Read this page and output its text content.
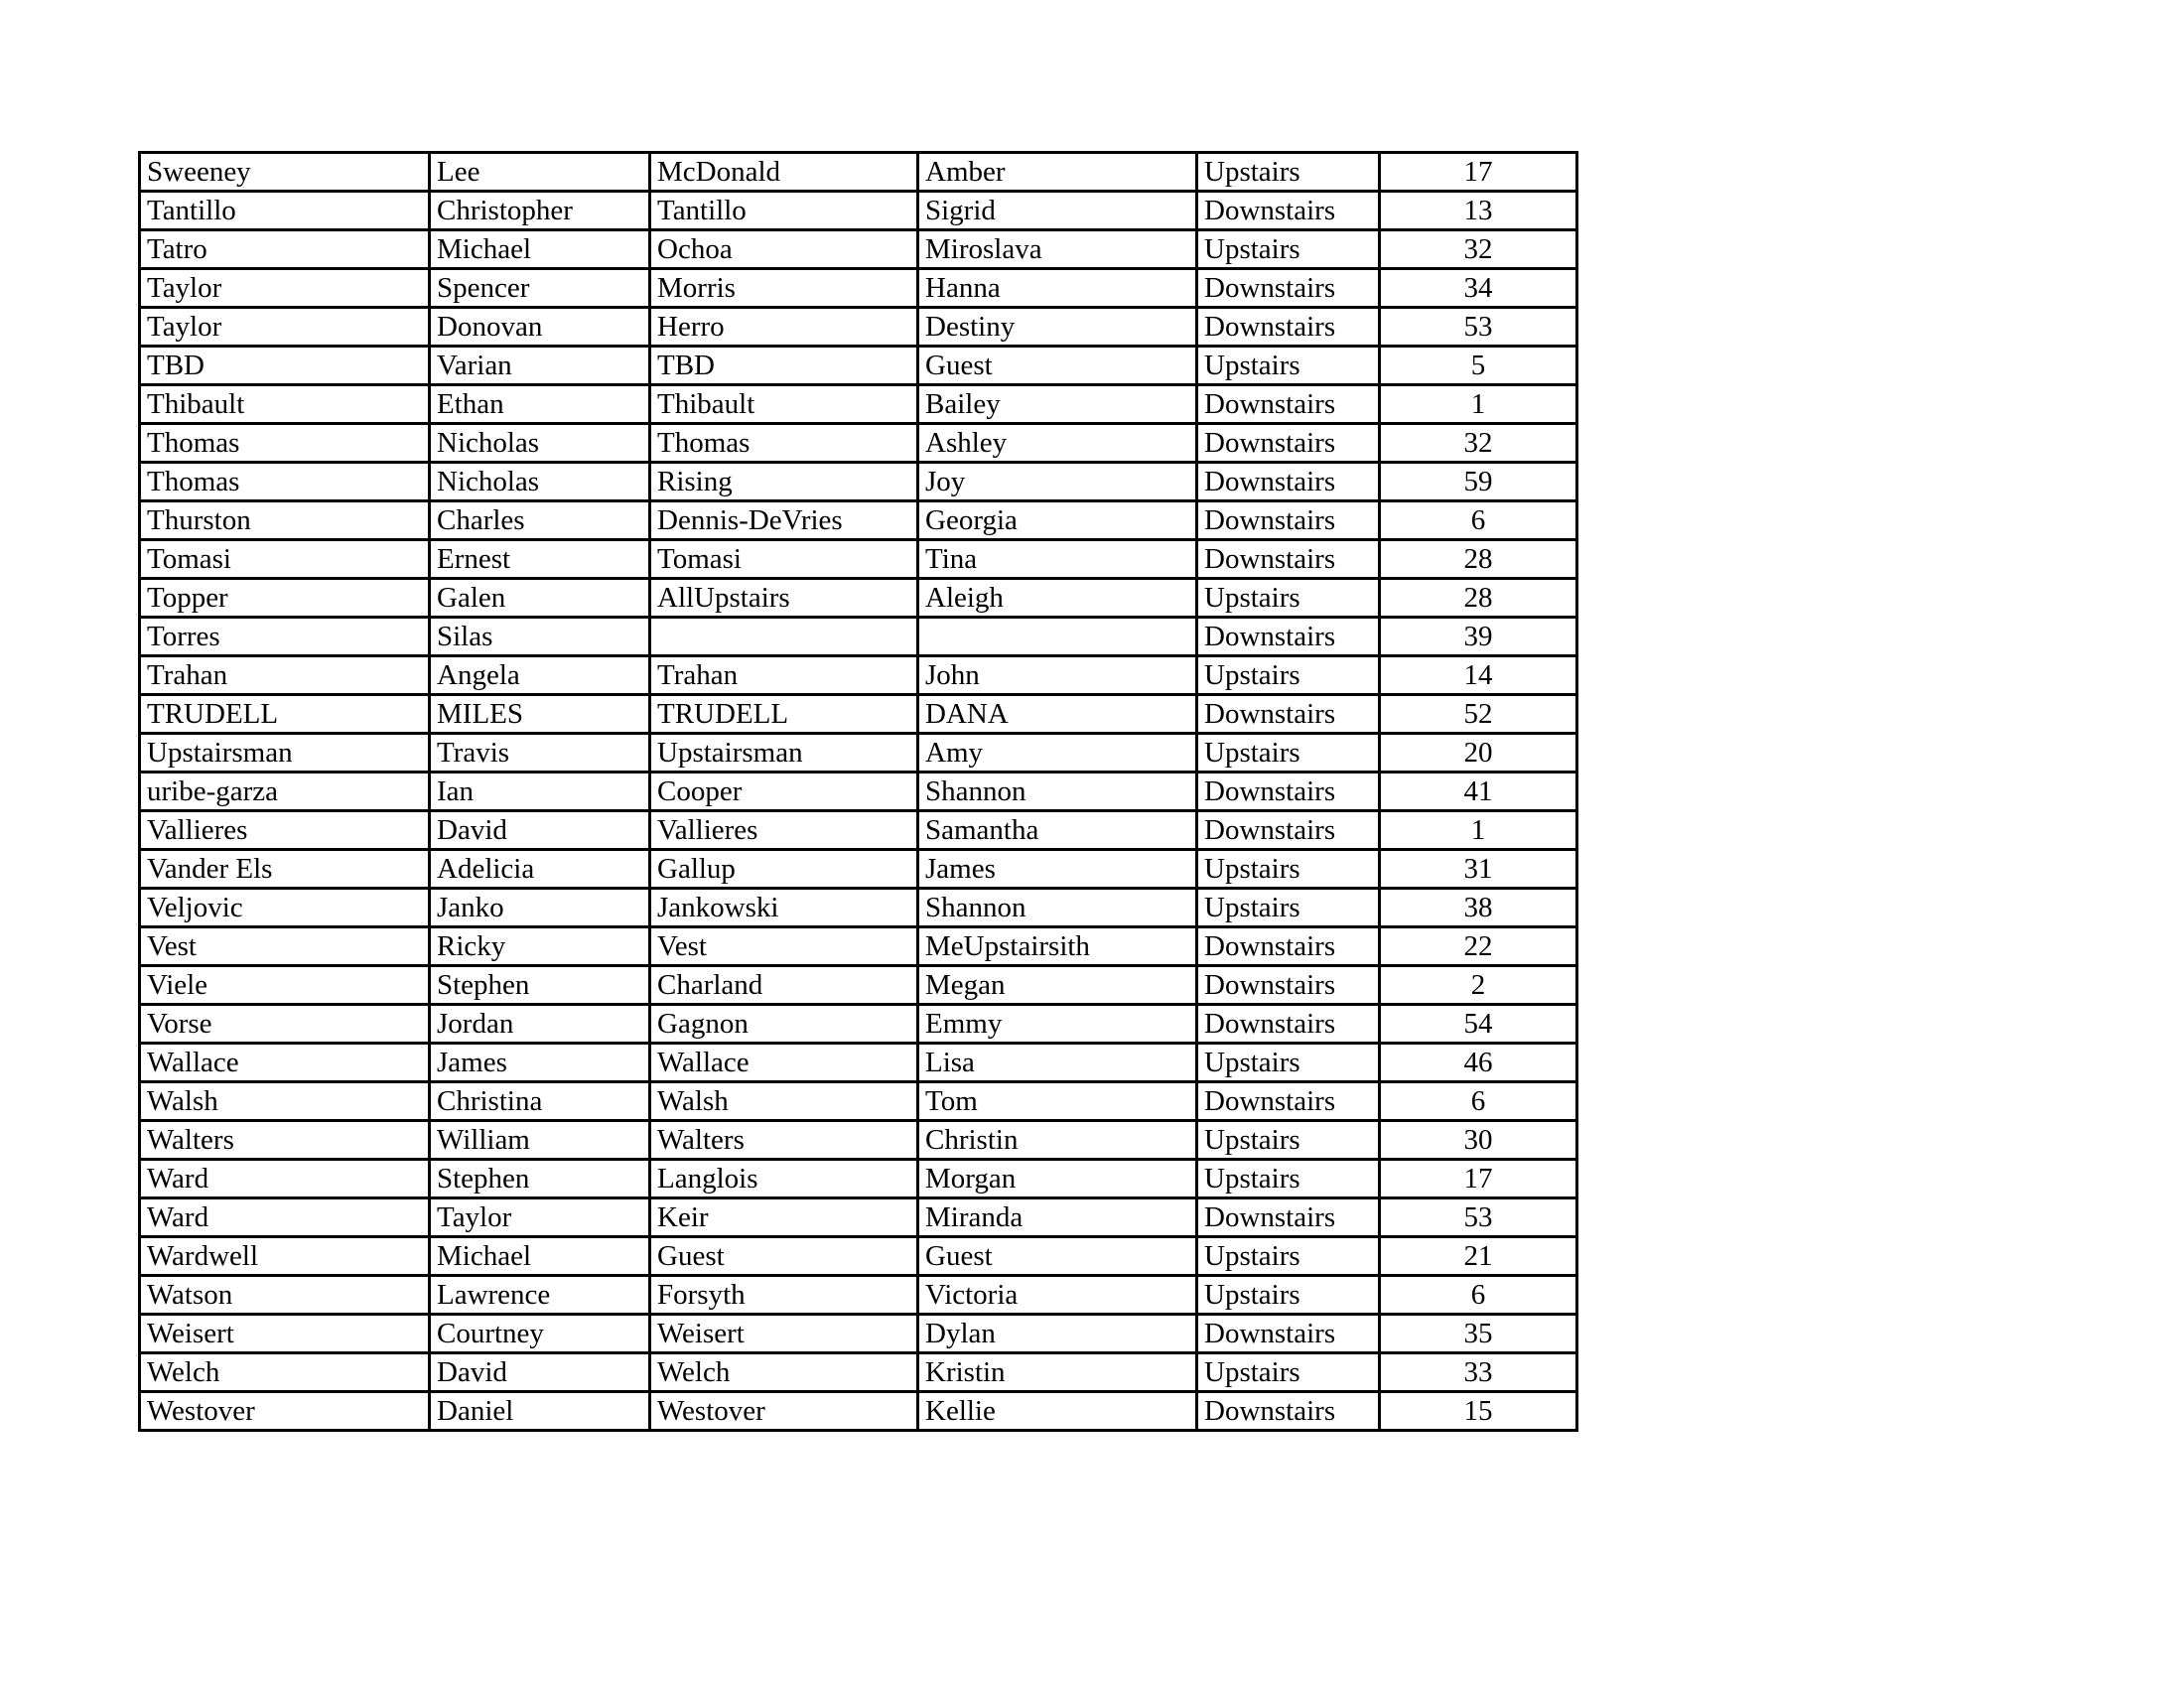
Sweeney	Lee	McDonald	Amber	Upstairs	17
Tantillo	Christopher	Tantillo	Sigrid	Downstairs	13
Tatro	Michael	Ochoa	Miroslava	Upstairs	32
Taylor	Spencer	Morris	Hanna	Downstairs	34
Taylor	Donovan	Herro	Destiny	Downstairs	53
TBD	Varian	TBD	Guest	Upstairs	5
Thibault	Ethan	Thibault	Bailey	Downstairs	1
Thomas	Nicholas	Thomas	Ashley	Downstairs	32
Thomas	Nicholas	Rising	Joy	Downstairs	59
Thurston	Charles	Dennis-DeVries	Georgia	Downstairs	6
Tomasi	Ernest	Tomasi	Tina	Downstairs	28
Topper	Galen	AllUpstairs	Aleigh	Upstairs	28
Torres	Silas			Downstairs	39
Trahan	Angela	Trahan	John	Upstairs	14
TRUDELL	MILES	TRUDELL	DANA	Downstairs	52
Upstairsman	Travis	Upstairsman	Amy	Upstairs	20
uribe-garza	Ian	Cooper	Shannon	Downstairs	41
Vallieres	David	Vallieres	Samantha	Downstairs	1
Vander Els	Adelicia	Gallup	James	Upstairs	31
Veljovic	Janko	Jankowski	Shannon	Upstairs	38
Vest	Ricky	Vest	MeUpstairsith	Downstairs	22
Viele	Stephen	Charland	Megan	Downstairs	2
Vorse	Jordan	Gagnon	Emmy	Downstairs	54
Wallace	James	Wallace	Lisa	Upstairs	46
Walsh	Christina	Walsh	Tom	Downstairs	6
Walters	William	Walters	Christin	Upstairs	30
Ward	Stephen	Langlois	Morgan	Upstairs	17
Ward	Taylor	Keir	Miranda	Downstairs	53
Wardwell	Michael	Guest	Guest	Upstairs	21
Watson	Lawrence	Forsyth	Victoria	Upstairs	6
Weisert	Courtney	Weisert	Dylan	Downstairs	35
Welch	David	Welch	Kristin	Upstairs	33
Westover	Daniel	Westover	Kellie	Downstairs	15
